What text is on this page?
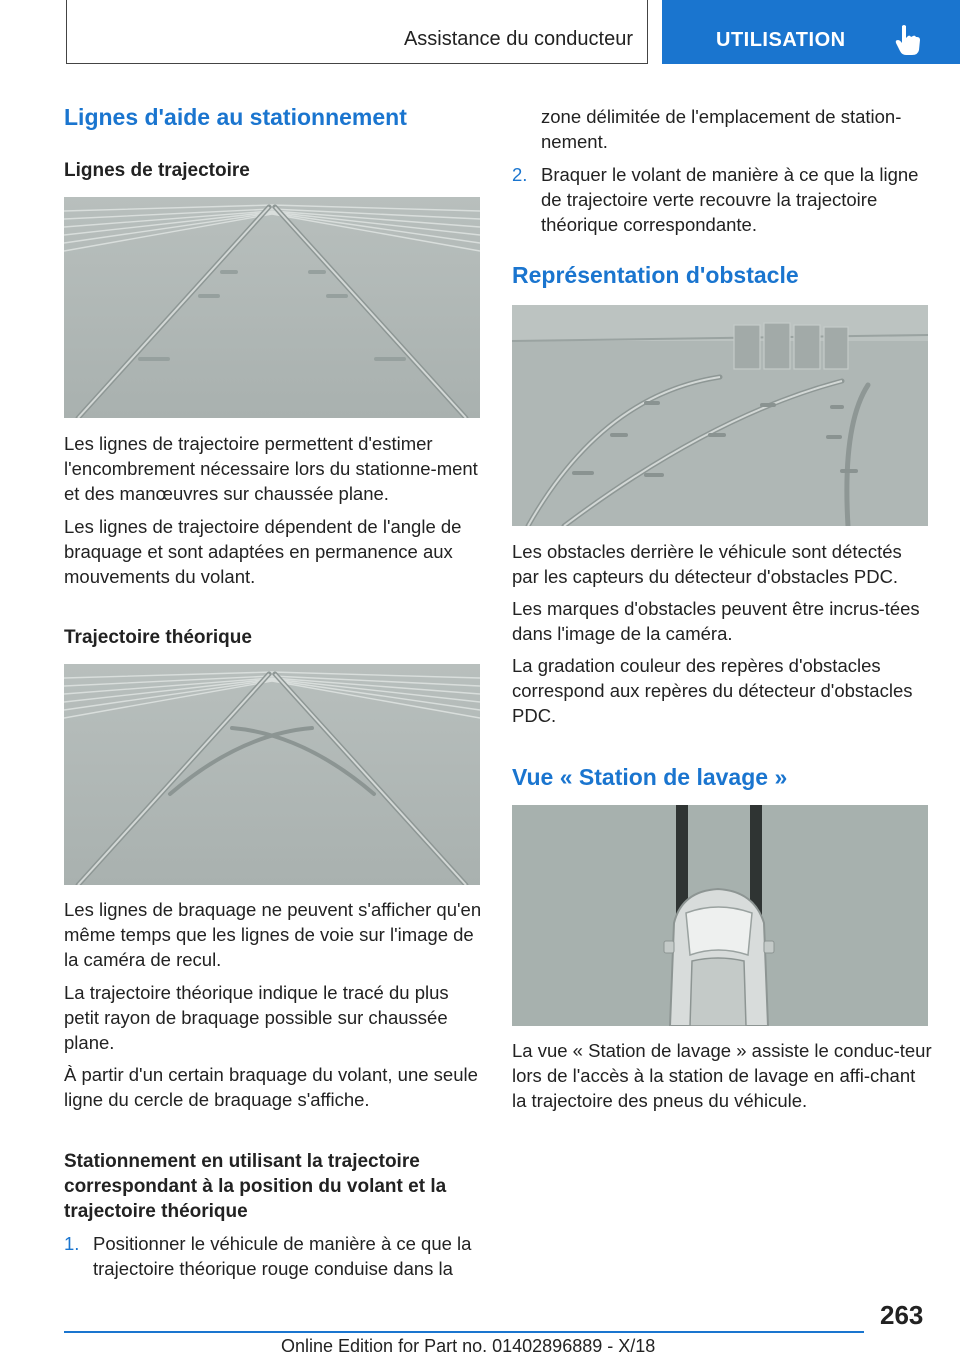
Assistance du conducteur	UTILISATION
Lignes d'aide au stationnement
Lignes de trajectoire
Les lignes de trajectoire permettent d'estimer l'encombrement nécessaire lors du stationne-ment et des manœuvres sur chaussée plane.
Les lignes de trajectoire dépendent de l'angle de braquage et sont adaptées en permanence aux mouvements du volant.
Trajectoire théorique
Les lignes de braquage ne peuvent s'afficher qu'en même temps que les lignes de voie sur l'image de la caméra de recul.
La trajectoire théorique indique le tracé du plus petit rayon de braquage possible sur chaussée plane.
À partir d'un certain braquage du volant, une seule ligne du cercle de braquage s'affiche.
Stationnement en utilisant la trajectoire correspondant à la position du volant et la trajectoire théorique
1. Positionner le véhicule de manière à ce que la trajectoire théorique rouge conduise dans la
zone délimitée de l'emplacement de station-nement.
2. Braquer le volant de manière à ce que la ligne de trajectoire verte recouvre la trajectoire théorique correspondante.
Représentation d'obstacle
Les obstacles derrière le véhicule sont détectés par les capteurs du détecteur d'obstacles PDC.
Les marques d'obstacles peuvent être incrus-tées dans l'image de la caméra.
La gradation couleur des repères d'obstacles correspond aux repères du détecteur d'obstacles PDC.
Vue « Station de lavage »
La vue « Station de lavage » assiste le conduc-teur lors de l'accès à la station de lavage en affi-chant la trajectoire des pneus du véhicule.
263
Online Edition for Part no. 01402896889 - X/18
